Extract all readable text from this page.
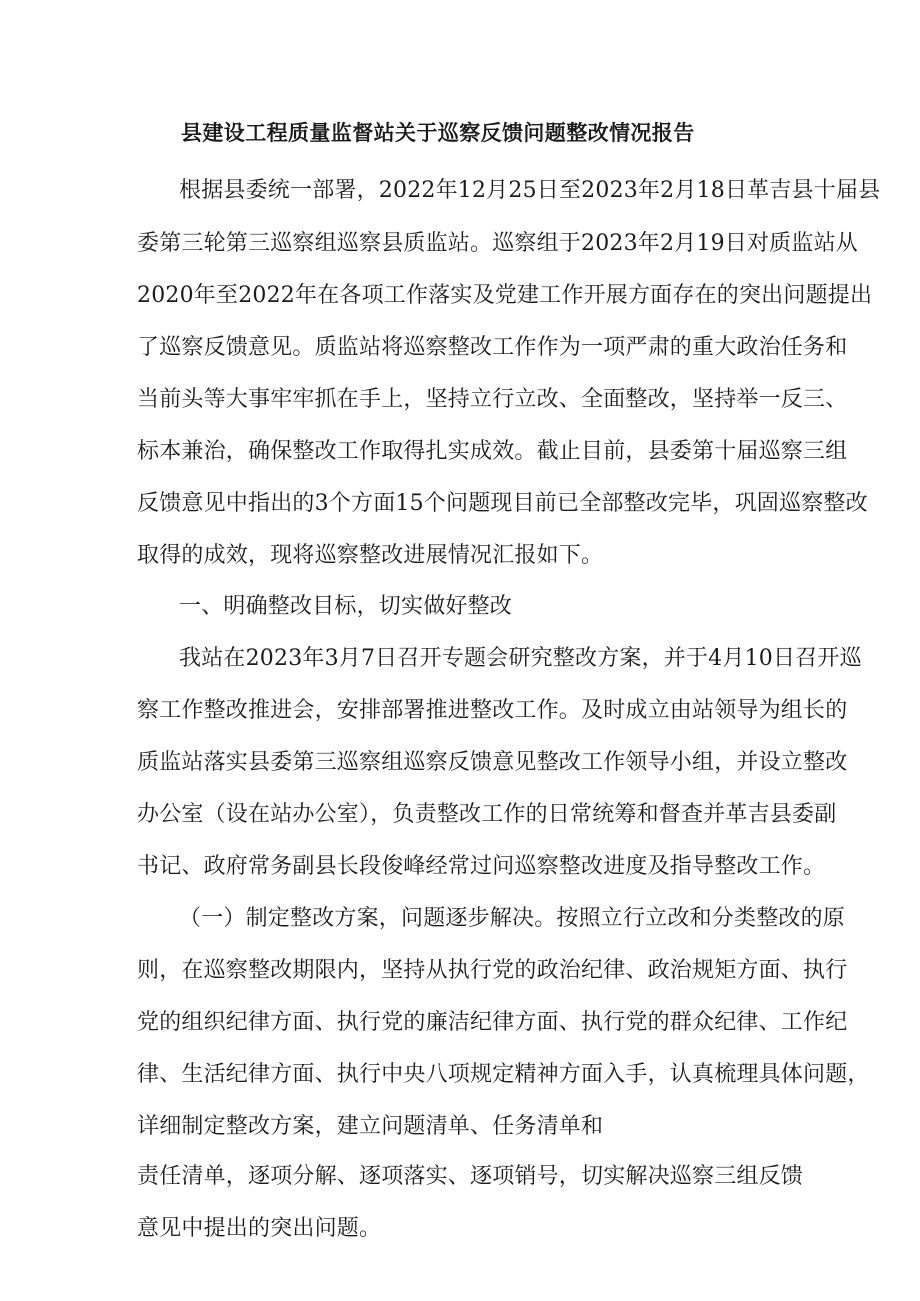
县建设工程质量监督站关于巡察反馈问题整改情况报告

根据县委统一部署，2022年12月25日至2023年2月18日革吉县十届县

委第三轮第三巡察组巡察县质监站。巡察组于2023年2月19日对质监站从

2020年至2022年在各项工作落实及党建工作开展方面存在的突出问题提出

了巡察反馈意见。质监站将巡察整改工作作为一项严肃的重大政治任务和

当前头等大事牢牢抓在手上，坚持立行立改、全面整改，坚持举一反三、

标本兼治，确保整改工作取得扎实成效。截止目前，县委第十届巡察三组

反馈意见中指出的3个方面15个问题现目前已全部整改完毕，巩固巡察整改

取得的成效，现将巡察整改进展情况汇报如下。

一、明确整改目标，切实做好整改

我站在2023年3月7日召开专题会研究整改方案，并于4月10日召开巡

察工作整改推进会，安排部署推进整改工作。及时成立由站领导为组长的

质监站落实县委第三巡察组巡察反馈意见整改工作领导小组，并设立整改

办公室（设在站办公室），负责整改工作的日常统筹和督查并革吉县委副

书记、政府常务副县长段俊峰经常过问巡察整改进度及指导整改工作。

（一）制定整改方案，问题逐步解决。按照立行立改和分类整改的原

则，在巡察整改期限内，坚持从执行党的政治纪律、政治规矩方面、执行

党的组织纪律方面、执行党的廉洁纪律方面、执行党的群众纪律、工作纪

律、生活纪律方面、执行中央八项规定精神方面入手，认真梳理具体问题，

详细制定整改方案，建立问题清单、任务清单和

责任清单，逐项分解、逐项落实、逐项销号，切实解决巡察三组反馈

意见中提出的突出问题。
